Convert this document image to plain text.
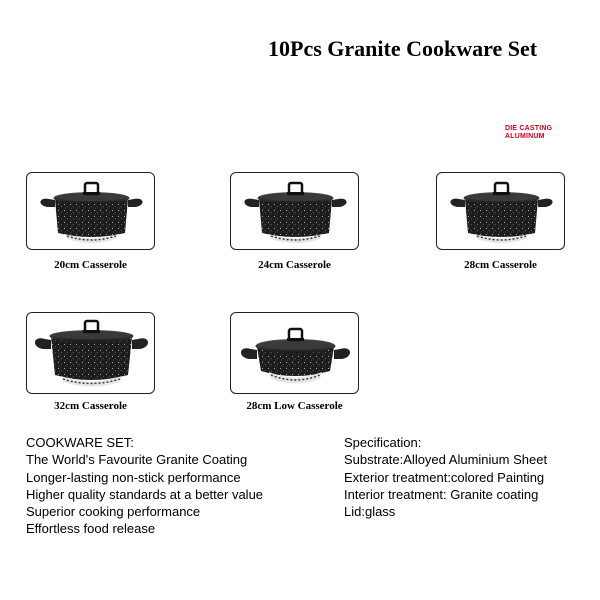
10Pcs Granite Cookware Set
DIE CASTING
ALUMINUM
20cm Casserole	24cm Casserole	28cm Casserole
32cm Casserole	28cm Low Casserole
COOKWARE SET:
The World's Favourite Granite Coating
Longer-lasting non-stick performance
Higher quality standards at a better value
Superior cooking performance
Effortless food release
Specification:
Substrate:Alloyed Aluminium Sheet
Exterior treatment:colored Painting
Interior treatment: Granite coating
Lid:glass
